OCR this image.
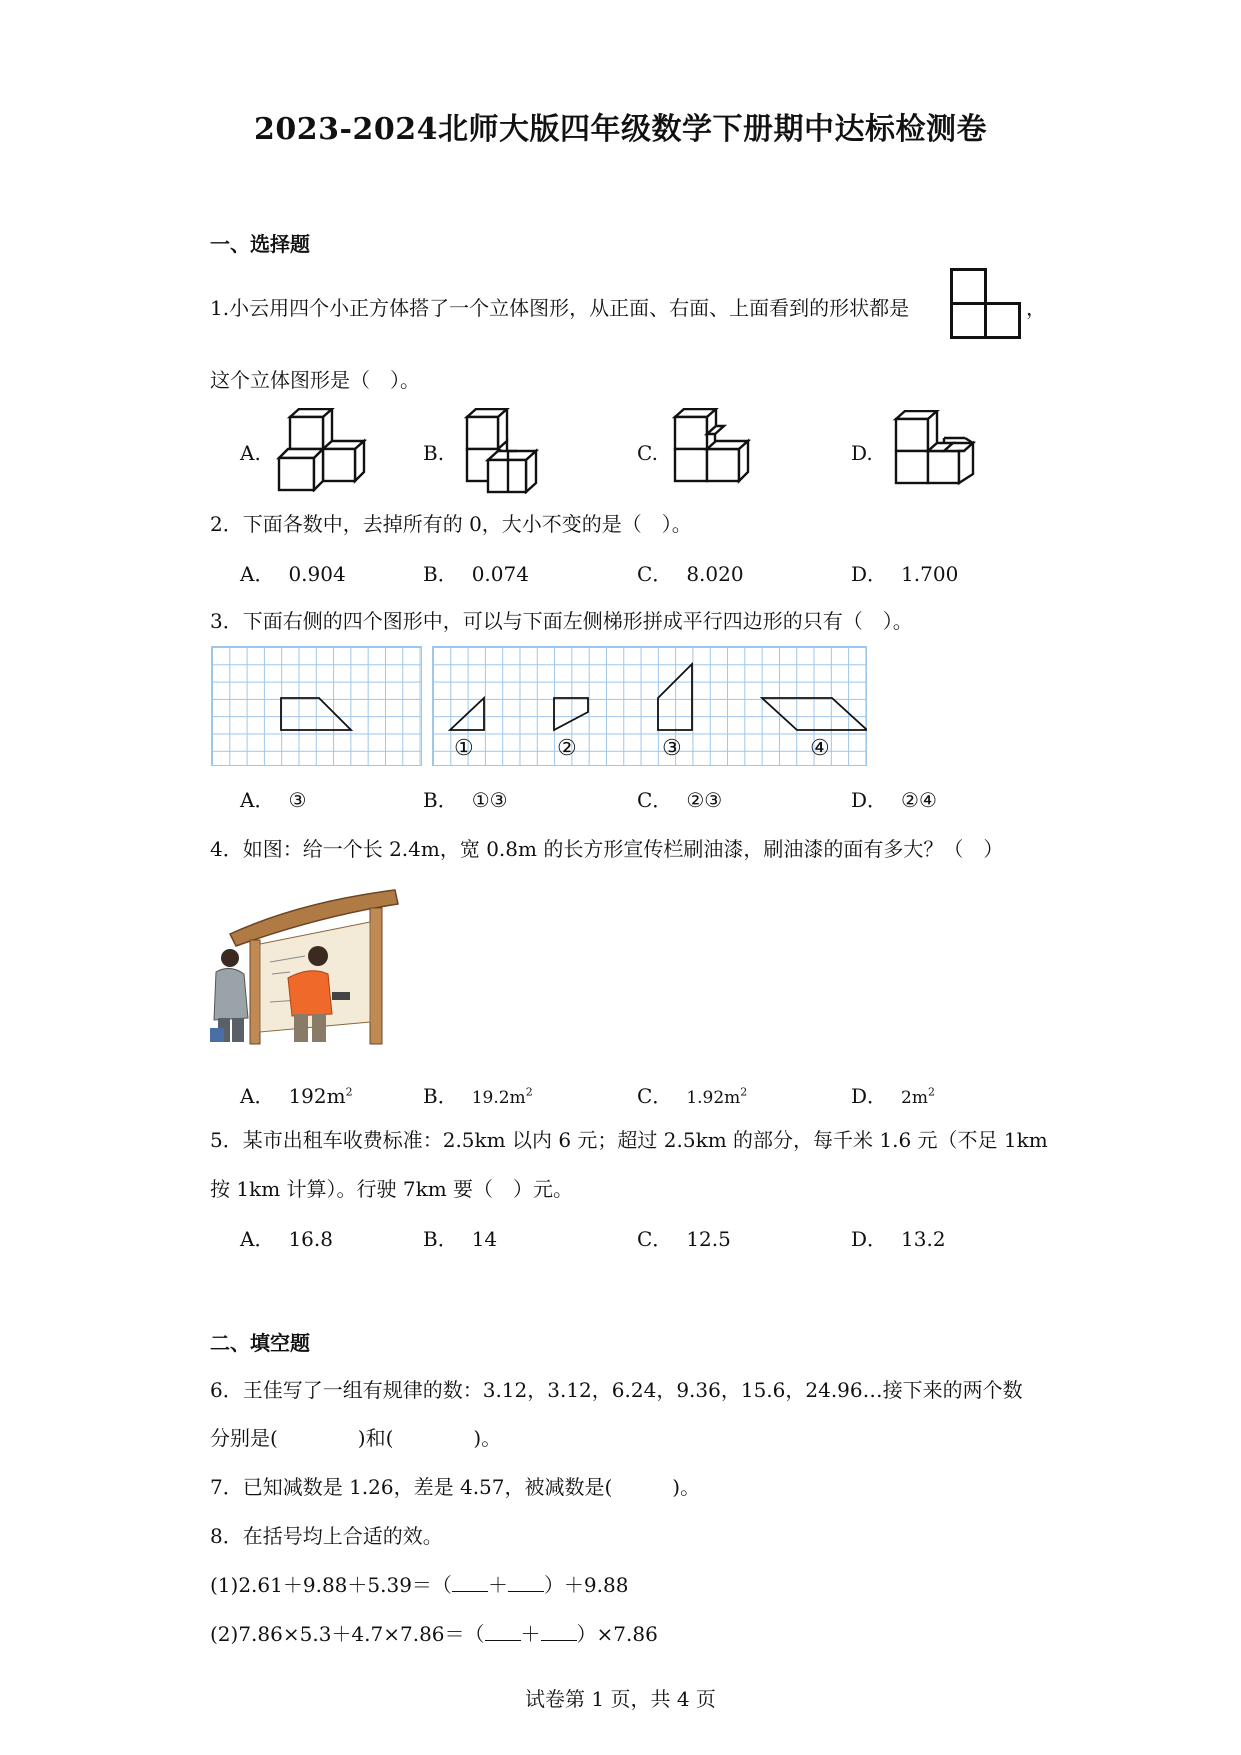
2023-2024北师大版四年级数学下册期中达标检测卷
一、选择题
1.小云用四个小正方体搭了一个立体图形，从正面、右面、上面看到的形状都是	，
这个立体图形是（　）。
A.	B.	C.	D.
2．下面各数中，去掉所有的 0，大小不变的是（　）。
A． 0.904	B． 0.074	C． 8.020	D． 1.700
3．下面右侧的四个图形中，可以与下面左侧梯形拼成平行四边形的只有（　）。
①	②	③	④
A． ③	B． ①③	C． ②③	D． ②④
4．如图：给一个长 2.4m，宽 0.8m 的长方形宣传栏刷油漆，刷油漆的面有多大？（　）
A． $192m^2$	B． $19.2m^2$	C． $1.92m^2$	D． $2m^2$
5．某市出租车收费标准：2.5km 以内 6 元；超过 2.5km 的部分，每千米 1.6 元（不足 1km
按 1km 计算）。行驶 7km 要（　）元。
A． 16.8	B． 14	C． 12.5	D． 13.2
二、填空题
6．王佳写了一组有规律的数：3.12，3.12，6.24，9.36，15.6，24.96…接下来的两个数
分别是(　　　　)和(　　　　)。
7．已知减数是 1.26，差是 4.57，被减数是(　　　)。
8．在括号均上合适的效。
(1)2.61＋9.88＋5.39＝（ ＋ ）＋9.88
(2)7.86×5.3＋4.7×7.86＝（ ＋ ）×7.86
试卷第 1 页，共 4 页
